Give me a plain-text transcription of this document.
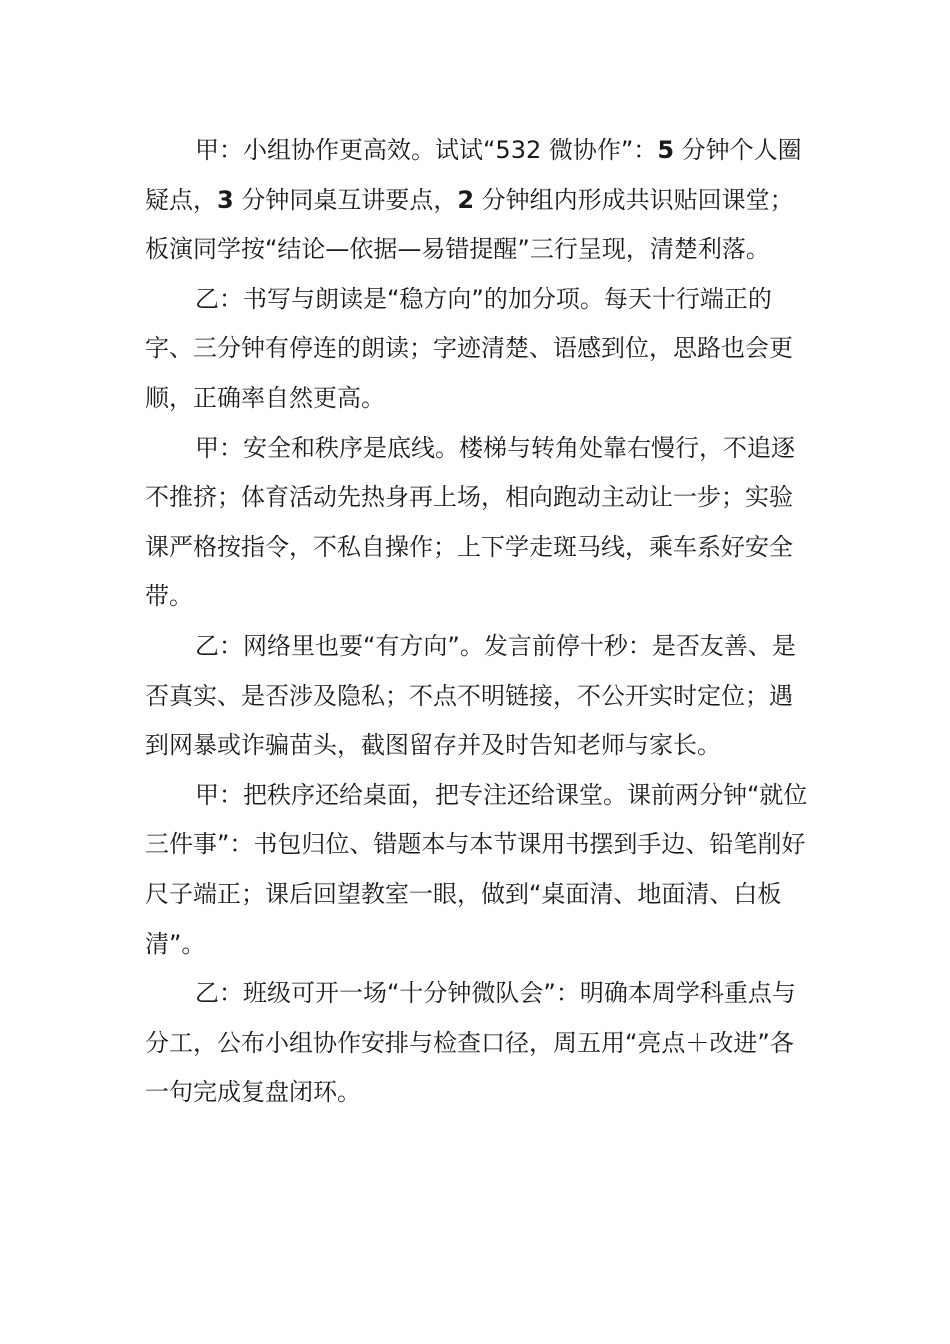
甲：小组协作更高效。试试“532 微协作”：5 分钟个人圈疑点，3 分钟同桌互讲要点，2 分钟组内形成共识贴回课堂；板演同学按“结论—依据—易错提醒”三行呈现，清楚利落。

乙：书写与朗读是“稳方向”的加分项。每天十行端正的字、三分钟有停连的朗读；字迹清楚、语感到位，思路也会更顺，正确率自然更高。

甲：安全和秩序是底线。楼梯与转角处靠右慢行，不追逐不推挤；体育活动先热身再上场，相向跑动主动让一步；实验课严格按指令，不私自操作；上下学走斑马线，乘车系好安全带。

乙：网络里也要“有方向”。发言前停十秒：是否友善、是否真实、是否涉及隐私；不点不明链接，不公开实时定位；遇到网暴或诈骗苗头，截图留存并及时告知老师与家长。

甲：把秩序还给桌面，把专注还给课堂。课前两分钟“就位三件事”：书包归位、错题本与本节课用书摆到手边、铅笔削好尺子端正；课后回望教室一眼，做到“桌面清、地面清、白板清”。

乙：班级可开一场“十分钟微队会”：明确本周学科重点与分工，公布小组协作安排与检查口径，周五用“亮点＋改进”各一句完成复盘闭环。
